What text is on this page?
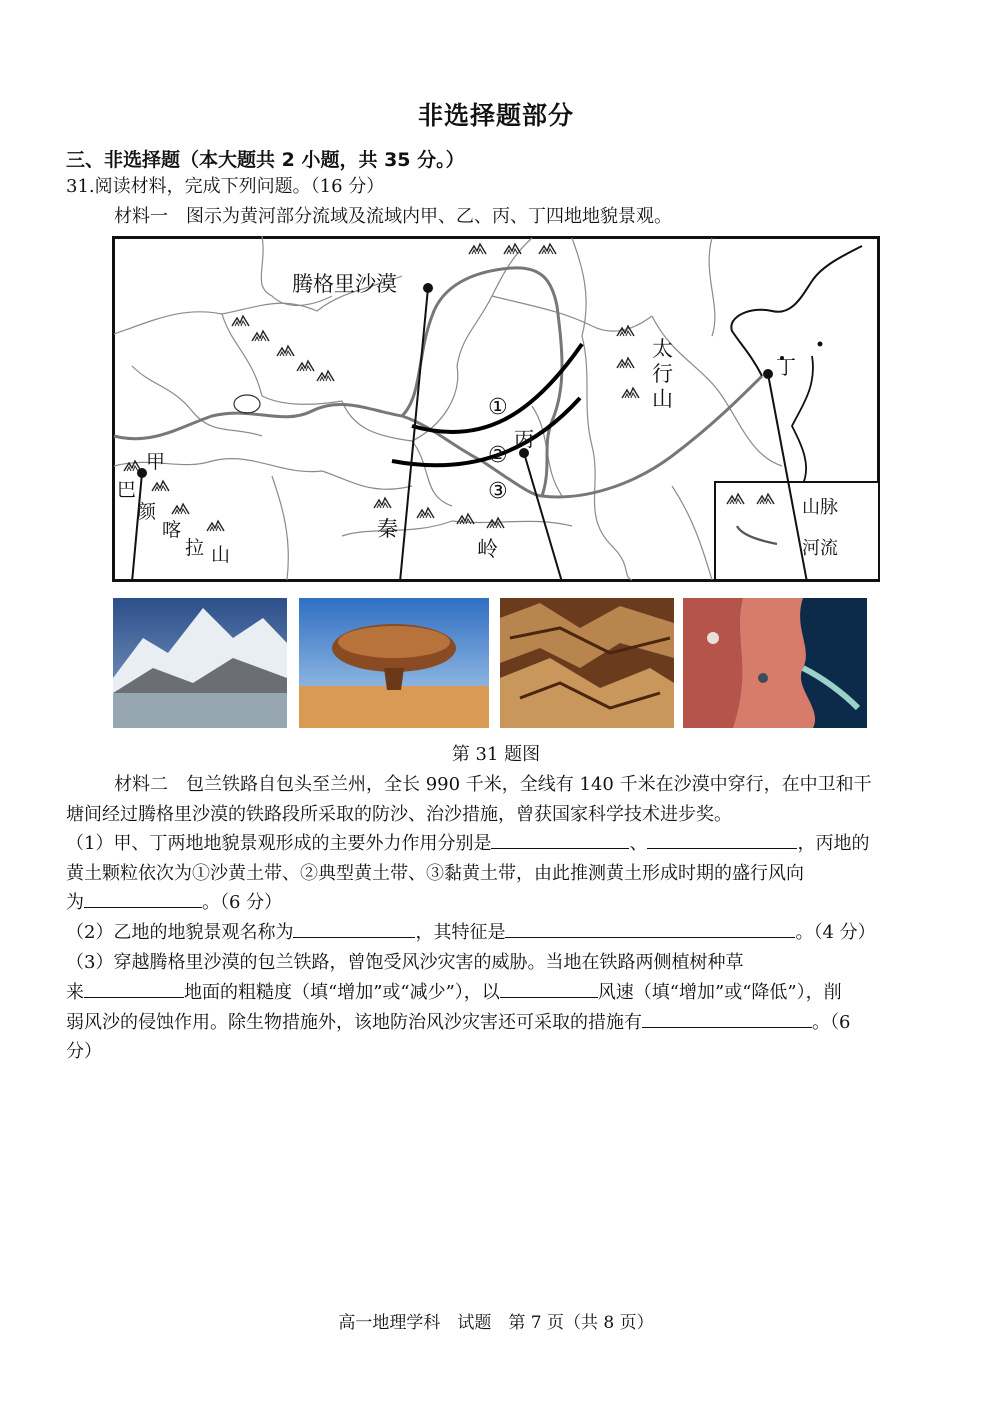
非选择题部分
三、非选择题（本大题共 2 小题，共 35 分。）
31.阅读材料，完成下列问题。（16 分）
材料一　图示为黄河部分流域及流域内甲、乙、丙、丁四地地貌景观。
腾格里沙漠
甲
巴
颜
喀
拉 山
秦
岭
太
行
山
丙
丁
①
②
③
山脉
河流
第 31 题图
材料二　包兰铁路自包头至兰州，全长 990 千米，全线有 140 千米在沙漠中穿行，在中卫和干
塘间经过腾格里沙漠的铁路段所采取的防沙、治沙措施，曾获国家科学技术进步奖。
（1）甲、丁两地地貌景观形成的主要外力作用分别是	、	，丙地的
黄土颗粒依次为①沙黄土带、②典型黄土带、③黏黄土带，由此推测黄土形成时期的盛行风向
为	。（6 分）
（2）乙地的地貌景观名称为	，其特征是	。（4 分）
（3）穿越腾格里沙漠的包兰铁路，曾饱受风沙灾害的威胁。当地在铁路两侧植树种草
来	地面的粗糙度（填“增加”或“减少”），以	风速（填“增加”或“降低”），削
弱风沙的侵蚀作用。除生物措施外，该地防治风沙灾害还可采取的措施有	。（6
分）
高一地理学科　试题　第 7 页（共 8 页）
